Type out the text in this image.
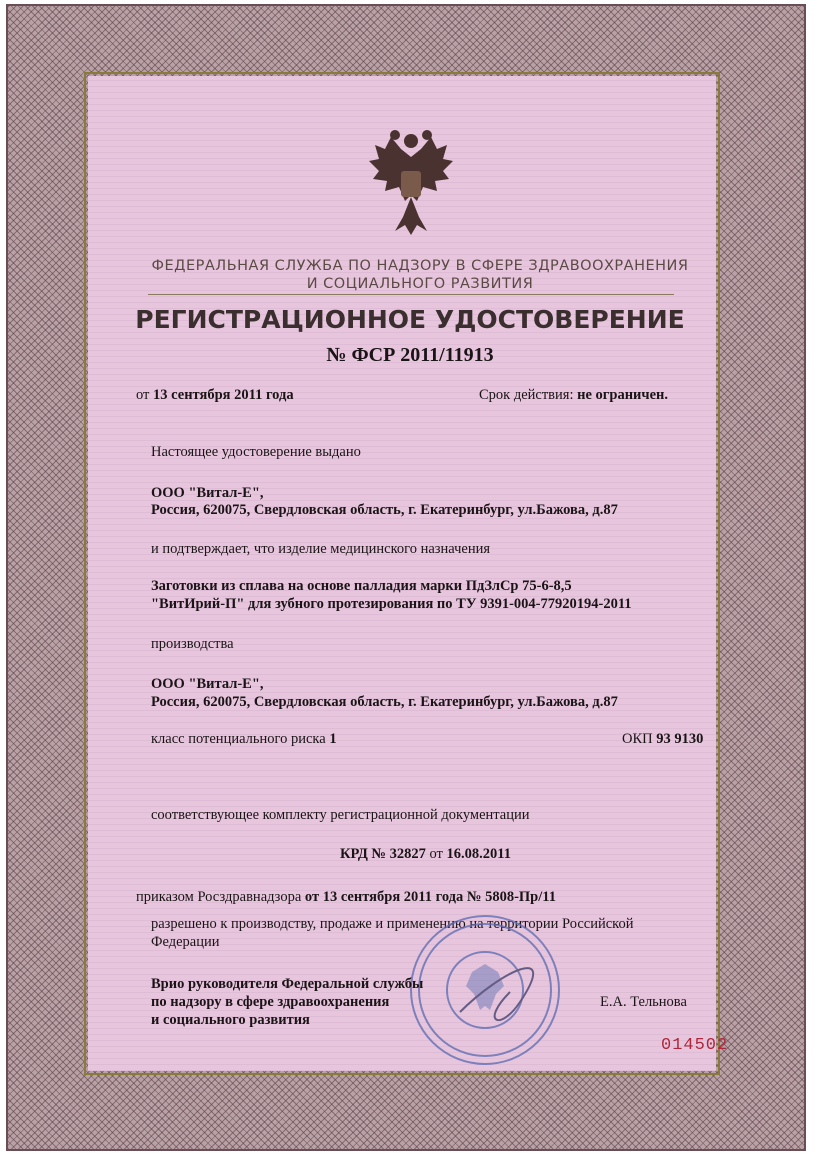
ФЕДЕРАЛЬНАЯ СЛУЖБА ПО НАДЗОРУ В СФЕРЕ ЗДРАВООХРАНЕНИЯ
И СОЦИАЛЬНОГО РАЗВИТИЯ
РЕГИСТРАЦИОННОЕ УДОСТОВЕРЕНИЕ
№ ФСР 2011/11913
от 13 сентября 2011 года	Срок действия: не ограничен.
Настоящее удостоверение выдано
ООО "Витал-Е",
Россия, 620075, Свердловская область, г. Екатеринбург, ул.Бажова, д.87
и подтверждает, что изделие медицинского назначения
Заготовки из сплава на основе палладия марки ПдЗлСр 75-6-8,5
"ВитИрий-П" для зубного протезирования по ТУ 9391-004-77920194-2011
производства
ООО "Витал-Е",
Россия, 620075, Свердловская область, г. Екатеринбург, ул.Бажова, д.87
класс потенциального риска 1	ОКП 93 9130
соответствующее комплекту регистрационной документации
КРД № 32827 от 16.08.2011
приказом Росздравнадзора от 13 сентября 2011 года № 5808-Пр/11
разрешено к производству, продаже и применению на территории Российской
Федерации
Врио руководителя Федеральной службы
по надзору в сфере здравоохранения
и социального развития
Е.А. Тельнова
014502
